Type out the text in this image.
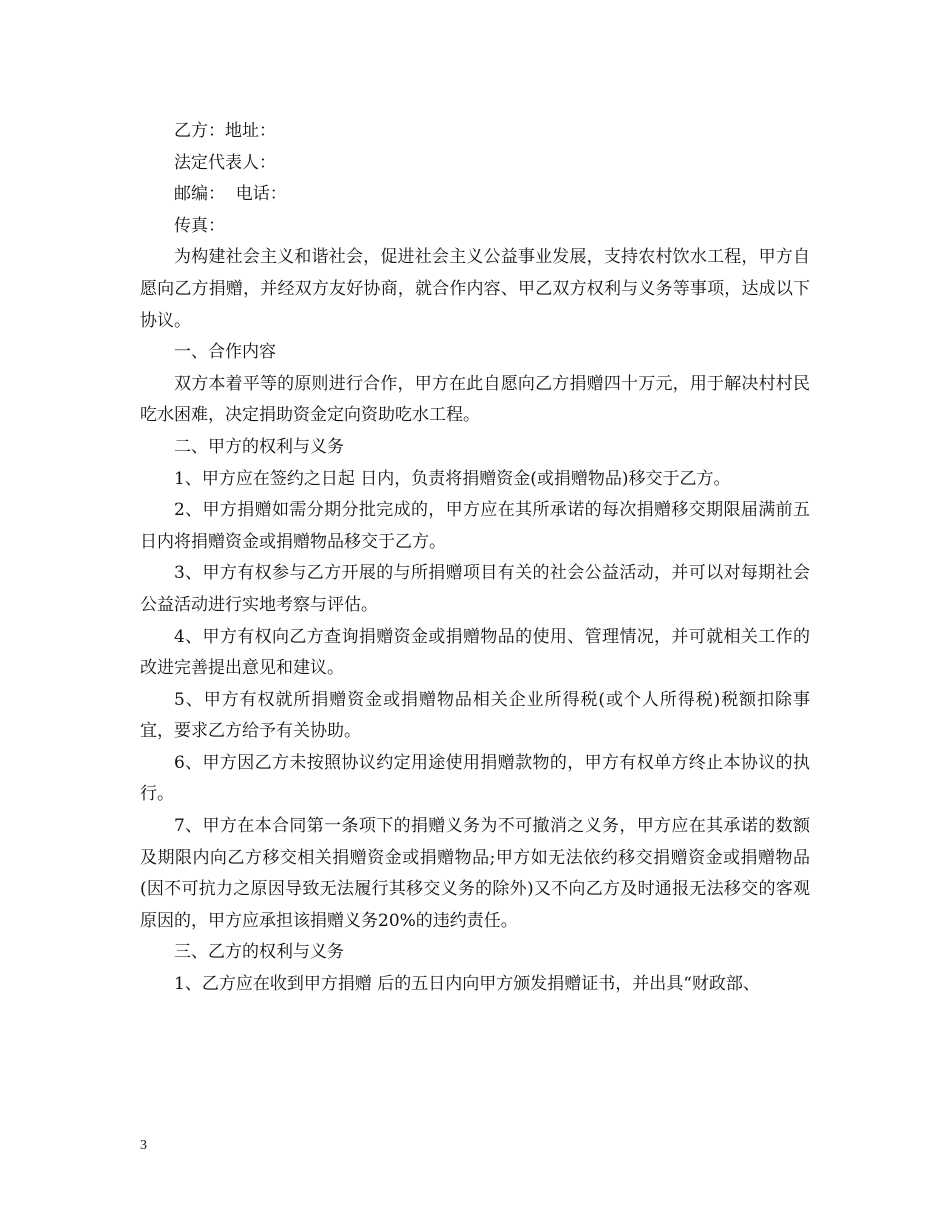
乙方：地址：

法定代表人：

邮编：  电话：

传真：

为构建社会主义和谐社会，促进社会主义公益事业发展，支持农村饮水工程，甲方自愿向乙方捐赠，并经双方友好协商，就合作内容、甲乙双方权利与义务等事项，达成以下协议。

一、合作内容

双方本着平等的原则进行合作，甲方在此自愿向乙方捐赠四十万元，用于解决村村民吃水困难，决定捐助资金定向资助吃水工程。

二、甲方的权利与义务

1、甲方应在签约之日起 日内，负责将捐赠资金(或捐赠物品)移交于乙方。

2、甲方捐赠如需分期分批完成的，甲方应在其所承诺的每次捐赠移交期限届满前五日内将捐赠资金或捐赠物品移交于乙方。

3、甲方有权参与乙方开展的与所捐赠项目有关的社会公益活动，并可以对每期社会公益活动进行实地考察与评估。

4、甲方有权向乙方查询捐赠资金或捐赠物品的使用、管理情况，并可就相关工作的改进完善提出意见和建议。

5、甲方有权就所捐赠资金或捐赠物品相关企业所得税(或个人所得税)税额扣除事宜，要求乙方给予有关协助。

6、甲方因乙方未按照协议约定用途使用捐赠款物的，甲方有权单方终止本协议的执行。

7、甲方在本合同第一条项下的捐赠义务为不可撤消之义务，甲方应在其承诺的数额及期限内向乙方移交相关捐赠资金或捐赠物品;甲方如无法依约移交捐赠资金或捐赠物品(因不可抗力之原因导致无法履行其移交义务的除外)又不向乙方及时通报无法移交的客观原因的，甲方应承担该捐赠义务20%的违约责任。

三、乙方的权利与义务

1、乙方应在收到甲方捐赠 后的五日内向甲方颁发捐赠证书，并出具“财政部、

3
